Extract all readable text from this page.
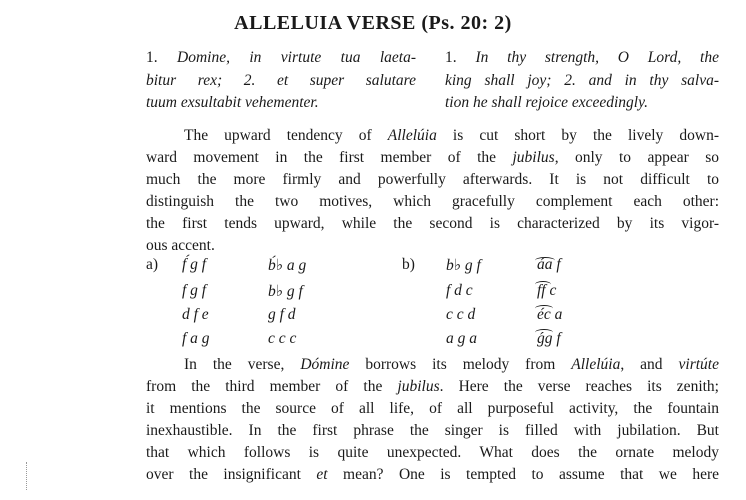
ALLELUIA VERSE (Ps. 20: 2)
1. Domine, in virtute tua laeta-
bitur rex; 2. et super salutare
tuum exsultabit vehementer.
1. In thy strength, O Lord, the
king shall joy; 2. and in thy salva-
tion he shall rejoice exceedingly.
The upward tendency of Allelúia is cut short by the lively down-
ward movement in the first member of the jubilus, only to appear so
much the more firmly and powerfully afterwards. It is not difficult to
distinguish the two motives, which gracefully complement each other:
the first tends upward, while the second is characterized by its vigor-
ous accent.
a) f́ g f
f g f
d f e
f a g
b́♭ a g
b♭ g f
g f d
c c c
b) b♭ g f
f d c
c c d
a g a
áa f
ff c
éc a
ǵg f
In the verse, Dómine borrows its melody from Allelúia, and virtúte
from the third member of the jubilus. Here the verse reaches its zenith;
it mentions the source of all life, of all purposeful activity, the fountain
inexhaustible. In the first phrase the singer is filled with jubilation. But
that which follows is quite unexpected. What does the ornate melody
over the insignificant et mean? One is tempted to assume that we here
